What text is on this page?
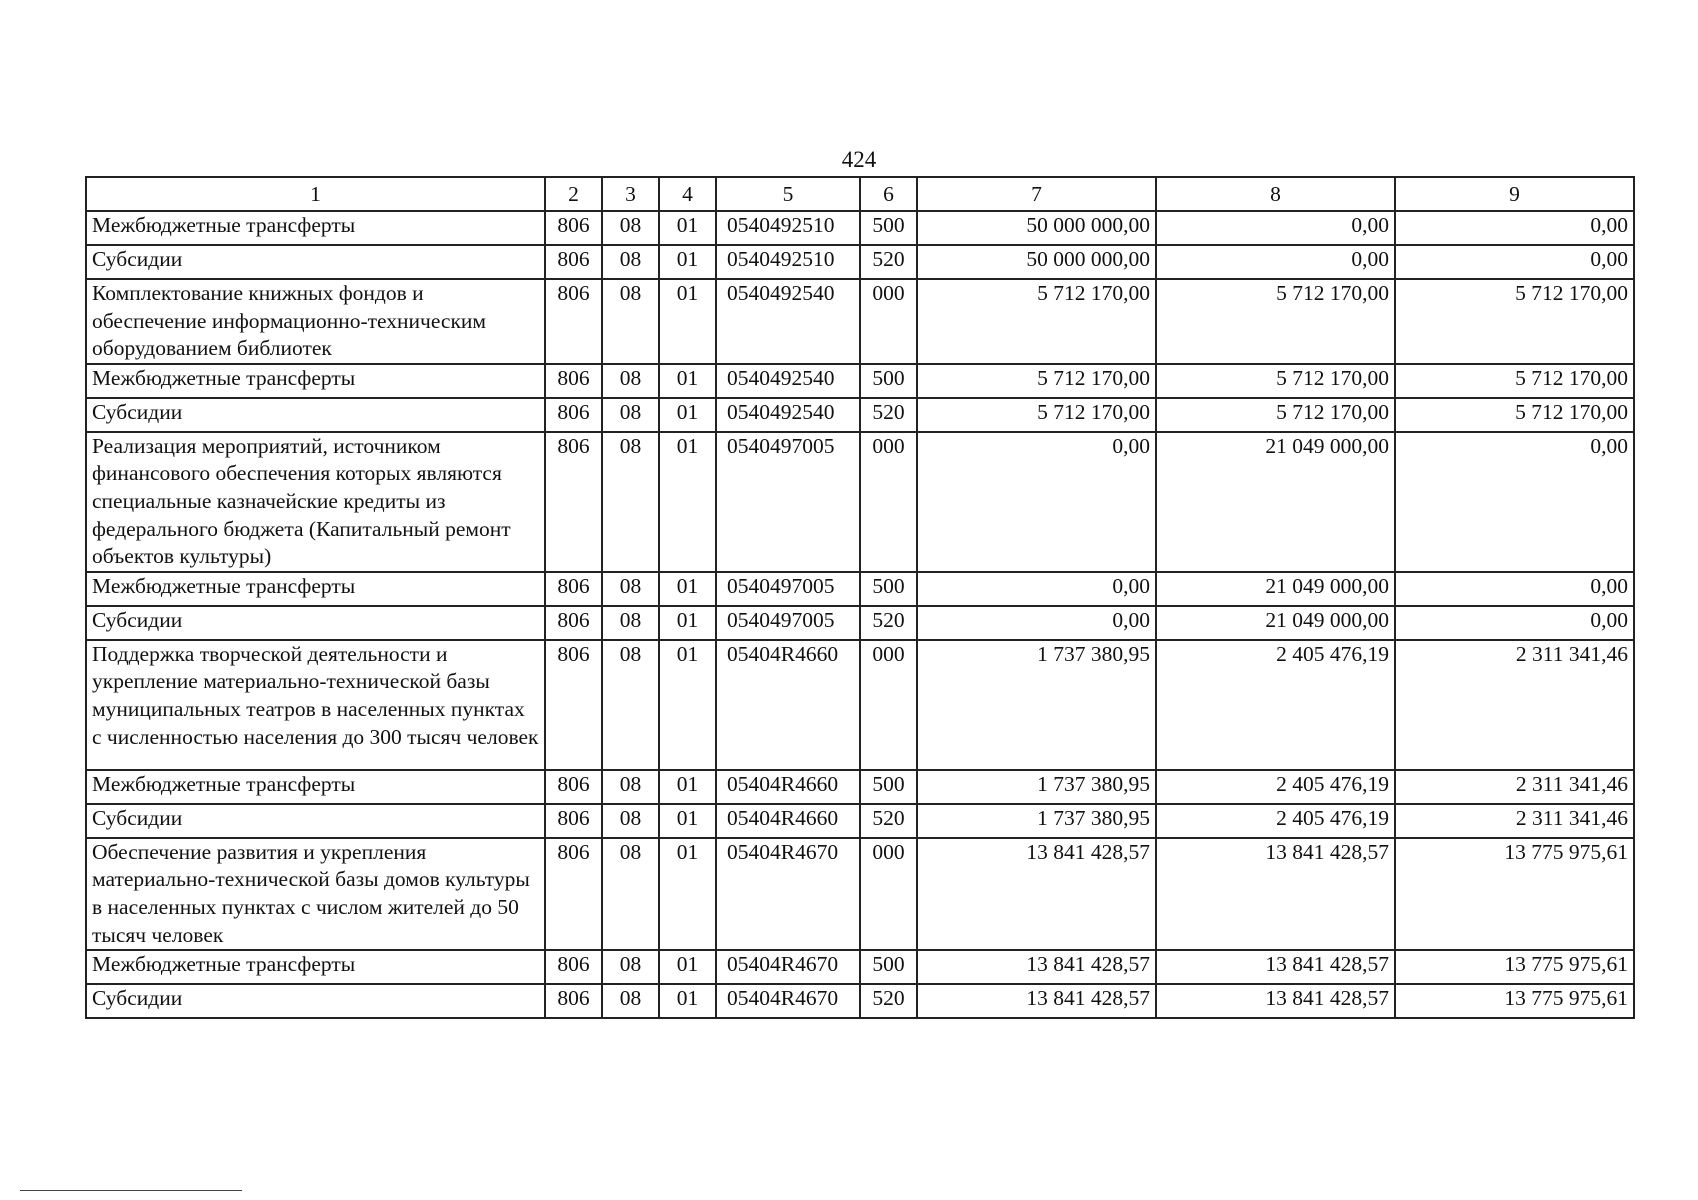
424
1	2	3	4	5	6	7	8	9
Межбюджетные трансферты	806	08	01	0540492510	500	50 000 000,00	0,00	0,00
Субсидии	806	08	01	0540492510	520	50 000 000,00	0,00	0,00
Комплектование книжных фондов и обеспечение информационно-техническим оборудованием библиотек	806	08	01	0540492540	000	5 712 170,00	5 712 170,00	5 712 170,00
Межбюджетные трансферты	806	08	01	0540492540	500	5 712 170,00	5 712 170,00	5 712 170,00
Субсидии	806	08	01	0540492540	520	5 712 170,00	5 712 170,00	5 712 170,00
Реализация мероприятий, источником финансового обеспечения которых являются специальные казначейские кредиты из федерального бюджета (Капитальный ремонт объектов культуры)	806	08	01	0540497005	000	0,00	21 049 000,00	0,00
Межбюджетные трансферты	806	08	01	0540497005	500	0,00	21 049 000,00	0,00
Субсидии	806	08	01	0540497005	520	0,00	21 049 000,00	0,00
Поддержка творческой деятельности и укрепление материально-технической базы муниципальных театров в населенных пунктах с численностью населения до 300 тысяч человек	806	08	01	05404R4660	000	1 737 380,95	2 405 476,19	2 311 341,46
Межбюджетные трансферты	806	08	01	05404R4660	500	1 737 380,95	2 405 476,19	2 311 341,46
Субсидии	806	08	01	05404R4660	520	1 737 380,95	2 405 476,19	2 311 341,46
Обеспечение развития и укрепления материально-технической базы домов культуры в населенных пунктах с числом жителей до 50 тысяч человек	806	08	01	05404R4670	000	13 841 428,57	13 841 428,57	13 775 975,61
Межбюджетные трансферты	806	08	01	05404R4670	500	13 841 428,57	13 841 428,57	13 775 975,61
Субсидии	806	08	01	05404R4670	520	13 841 428,57	13 841 428,57	13 775 975,61
